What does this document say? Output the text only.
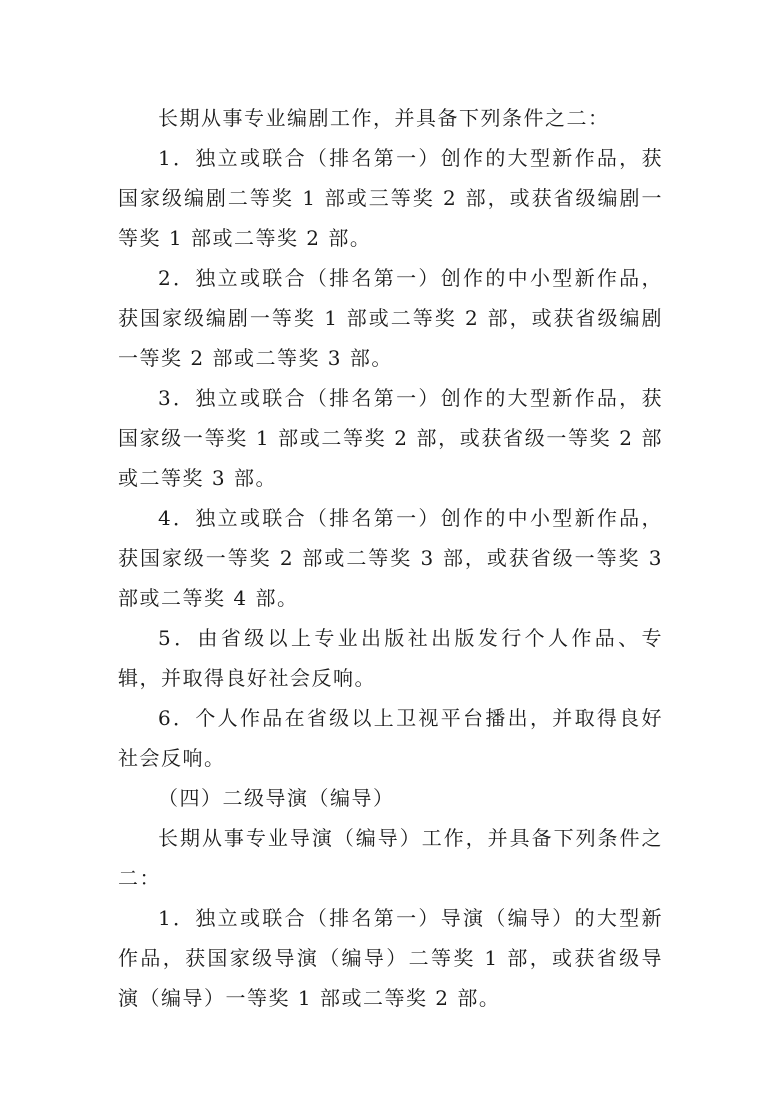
长期从事专业编剧工作，并具备下列条件之二：

1．独立或联合（排名第一）创作的大型新作品，获国家级编剧二等奖 1 部或三等奖 2 部，或获省级编剧一等奖 1 部或二等奖 2 部。

2．独立或联合（排名第一）创作的中小型新作品，获国家级编剧一等奖 1 部或二等奖 2 部，或获省级编剧一等奖 2 部或二等奖 3 部。

3．独立或联合（排名第一）创作的大型新作品，获国家级一等奖 1 部或二等奖 2 部，或获省级一等奖 2 部或二等奖 3 部。

4．独立或联合（排名第一）创作的中小型新作品，获国家级一等奖 2 部或二等奖 3 部，或获省级一等奖 3 部或二等奖 4 部。

5．由省级以上专业出版社出版发行个人作品、专辑，并取得良好社会反响。

6．个人作品在省级以上卫视平台播出，并取得良好社会反响。

（四）二级导演（编导）

长期从事专业导演（编导）工作，并具备下列条件之二：

1．独立或联合（排名第一）导演（编导）的大型新作品，获国家级导演（编导）二等奖 1 部，或获省级导演（编导）一等奖 1 部或二等奖 2 部。
